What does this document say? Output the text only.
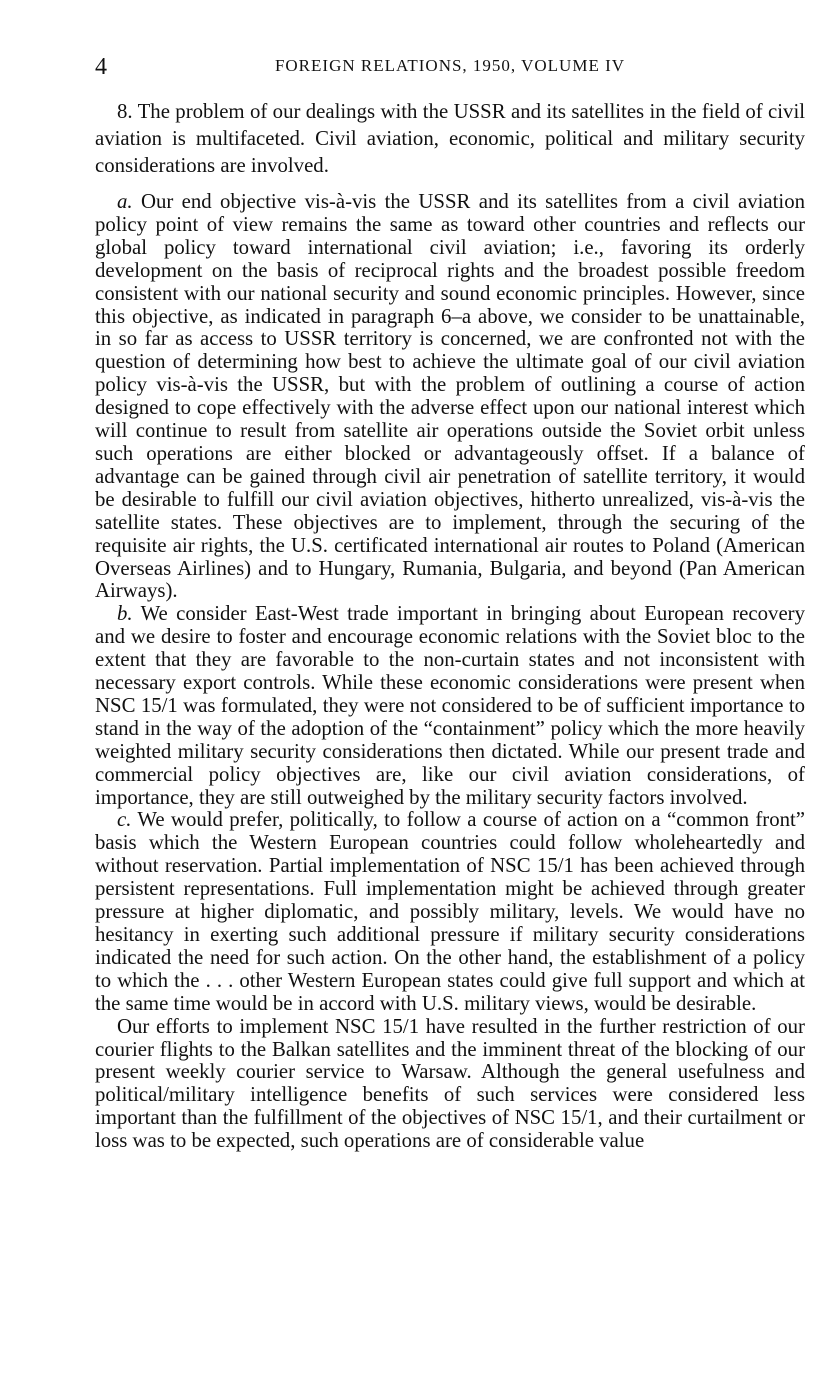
4	FOREIGN RELATIONS, 1950, VOLUME IV

8. The problem of our dealings with the USSR and its satellites in the field of civil aviation is multifaceted. Civil aviation, economic, political and military security considerations are involved.

a. Our end objective vis-à-vis the USSR and its satellites from a civil aviation policy point of view remains the same as toward other countries and reflects our global policy toward international civil aviation; i.e., favoring its orderly development on the basis of reciprocal rights and the broadest possible freedom consistent with our national security and sound economic principles. However, since this objective, as indicated in paragraph 6–a above, we consider to be unattainable, in so far as access to USSR territory is concerned, we are confronted not with the question of determining how best to achieve the ultimate goal of our civil aviation policy vis-à-vis the USSR, but with the problem of outlining a course of action designed to cope effectively with the adverse effect upon our national interest which will continue to result from satellite air operations outside the Soviet orbit unless such operations are either blocked or advantageously offset. If a balance of advantage can be gained through civil air penetration of satellite territory, it would be desirable to fulfill our civil aviation objectives, hitherto unrealized, vis-à-vis the satellite states. These objectives are to implement, through the securing of the requisite air rights, the U.S. certificated international air routes to Poland (American Overseas Airlines) and to Hungary, Rumania, Bulgaria, and beyond (Pan American Airways).

b. We consider East-West trade important in bringing about European recovery and we desire to foster and encourage economic relations with the Soviet bloc to the extent that they are favorable to the non-curtain states and not inconsistent with necessary export controls. While these economic considerations were present when NSC 15/1 was formulated, they were not considered to be of sufficient importance to stand in the way of the adoption of the “containment” policy which the more heavily weighted military security considerations then dictated. While our present trade and commercial policy objectives are, like our civil aviation considerations, of importance, they are still outweighed by the military security factors involved.

c. We would prefer, politically, to follow a course of action on a “common front” basis which the Western European countries could follow wholeheartedly and without reservation. Partial implementation of NSC 15/1 has been achieved through persistent representations. Full implementation might be achieved through greater pressure at higher diplomatic, and possibly military, levels. We would have no hesitancy in exerting such additional pressure if military security considerations indicated the need for such action. On the other hand, the establishment of a policy to which the . . . other Western European states could give full support and which at the same time would be in accord with U.S. military views, would be desirable.

Our efforts to implement NSC 15/1 have resulted in the further restriction of our courier flights to the Balkan satellites and the imminent threat of the blocking of our present weekly courier service to Warsaw. Although the general usefulness and political/military intelligence benefits of such services were considered less important than the fulfillment of the objectives of NSC 15/1, and their curtailment or loss was to be expected, such operations are of considerable value
